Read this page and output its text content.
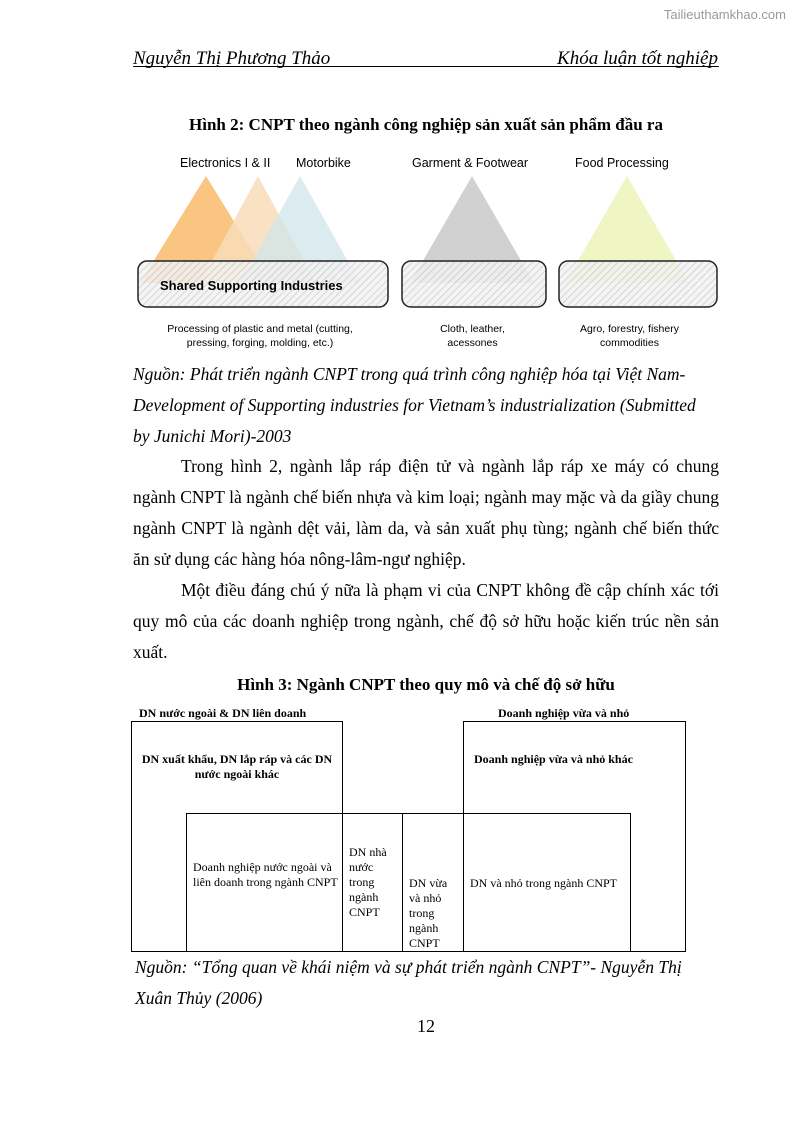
Tailieuthamkhao.com
Nguyễn Thị Phương Thảo	Khóa luận tốt nghiệp
Hình 2: CNPT theo ngành công nghiệp sản xuất sản phẩm đầu ra
Electronics I & II Motorbike	Garment & Footwear	Food Processing
Shared Supporting Industries
Processing of plastic and metal (cutting,
pressing, forging, molding, etc.)
Cloth, leather,
acessones
Agro, forestry, fishery
commodities
Nguồn: Phát triển ngành CNPT trong quá trình công nghiệp hóa tại Việt Nam-
Development of Supporting industries for Vietnam’s industrialization (Submitted
by Junichi Mori)-2003

Trong hình 2, ngành lắp ráp điện tử và ngành lắp ráp xe máy có chung ngành CNPT là ngành chế biến nhựa và kim loại; ngành may mặc và da giầy chung ngành CNPT là ngành dệt vải, làm da, và sản xuất phụ tùng; ngành chế biến thức ăn sử dụng các hàng hóa nông-lâm-ngư nghiệp.

Một điều đáng chú ý nữa là phạm vi của CNPT không đề cập chính xác tới quy mô của các doanh nghiệp trong ngành, chế độ sở hữu hoặc kiến trúc nền sản xuất.

Hình 3: Ngành CNPT theo quy mô và chế độ sở hữu
DN nước ngoài & DN liên doanh	Doanh nghiệp vừa và nhỏ
DN xuất khẩu, DN lắp ráp và các DN nước ngoài khác
Doanh nghiệp vừa và nhỏ khác
Doanh nghiệp nước ngoài và liên doanh trong ngành CNPT
DN nhà nước trong ngành CNPT
DN vừa và nhỏ trong ngành CNPT
DN và nhỏ trong ngành CNPT
Nguồn: “Tổng quan về khái niệm và sự phát triển ngành CNPT”- Nguyễn Thị
Xuân Thủy (2006)
12
